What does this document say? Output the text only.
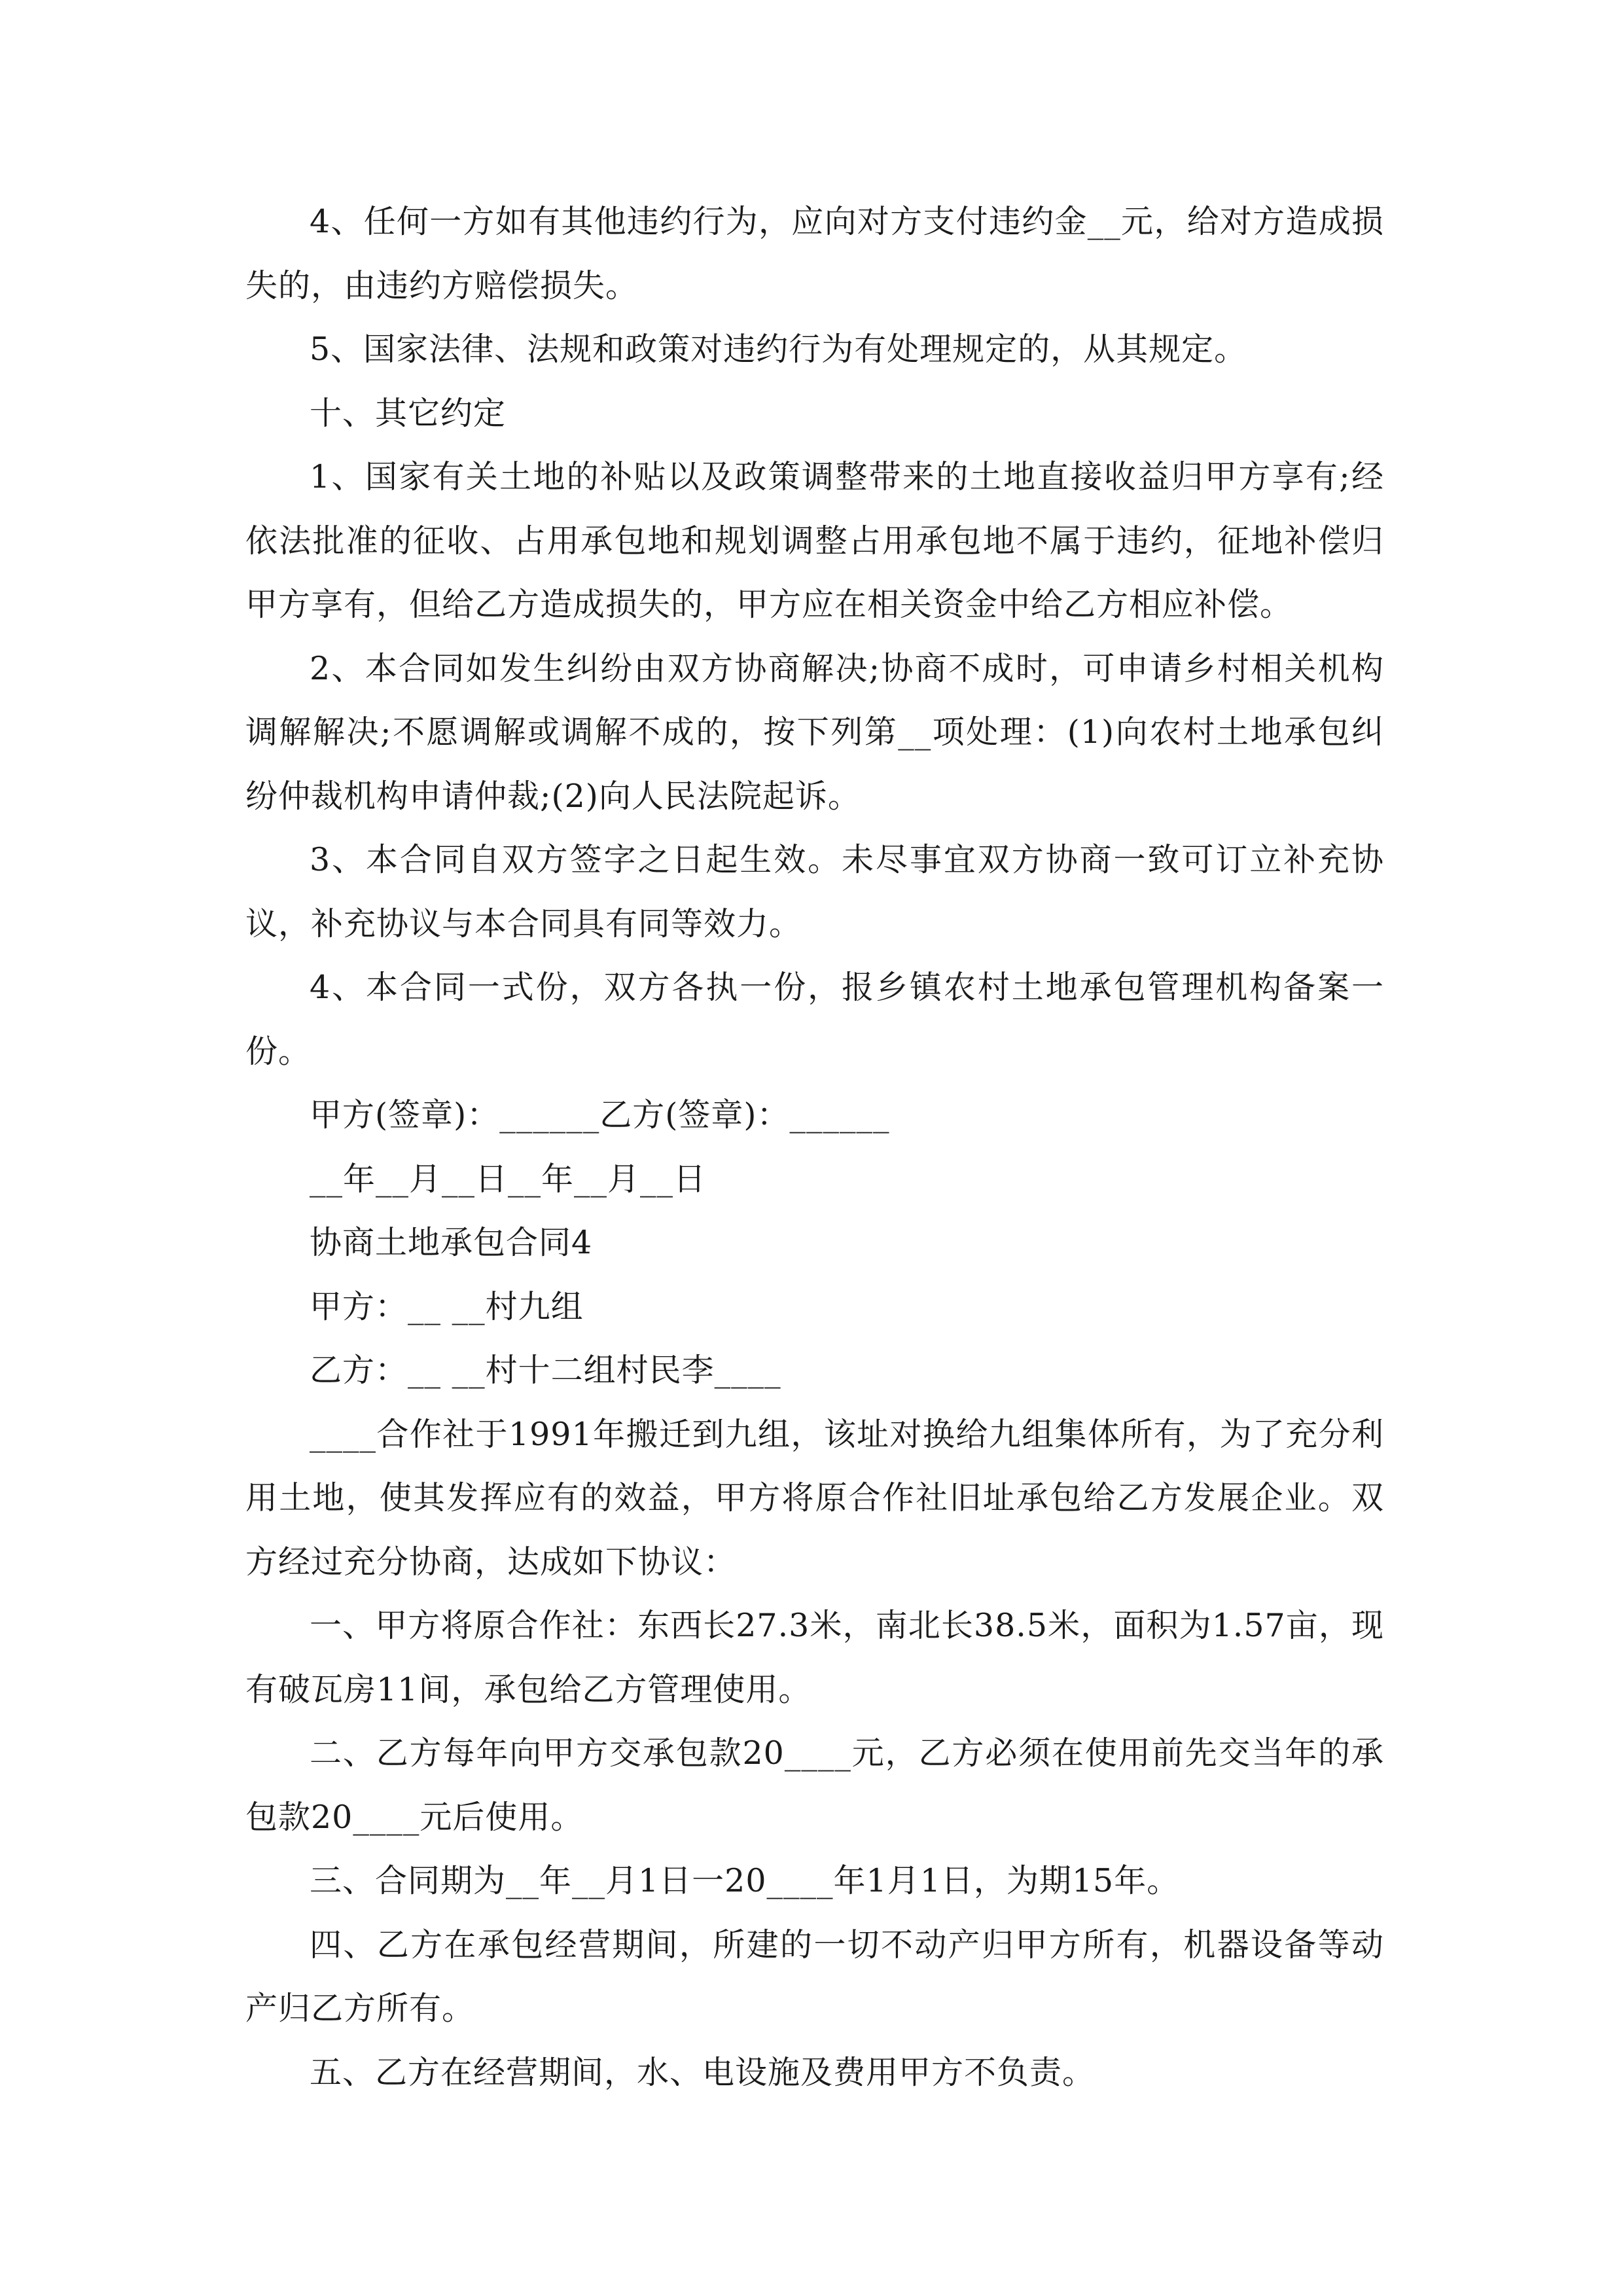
4、任何一方如有其他违约行为，应向对方支付违约金__元，给对方造成损失的，由违约方赔偿损失。

5、国家法律、法规和政策对违约行为有处理规定的，从其规定。

十、其它约定

1、国家有关土地的补贴以及政策调整带来的土地直接收益归甲方享有;经依法批准的征收、占用承包地和规划调整占用承包地不属于违约，征地补偿归甲方享有，但给乙方造成损失的，甲方应在相关资金中给乙方相应补偿。

2、本合同如发生纠纷由双方协商解决;协商不成时，可申请乡村相关机构调解解决;不愿调解或调解不成的，按下列第__项处理：(1)向农村土地承包纠纷仲裁机构申请仲裁;(2)向人民法院起诉。

3、本合同自双方签字之日起生效。未尽事宜双方协商一致可订立补充协议，补充协议与本合同具有同等效力。

4、本合同一式份，双方各执一份，报乡镇农村土地承包管理机构备案一份。

甲方(签章)：______乙方(签章)：______

__年__月__日__年__月__日

协商土地承包合同4

甲方：__ __村九组

乙方：__ __村十二组村民李____

____合作社于1991年搬迁到九组，该址对换给九组集体所有，为了充分利用土地，使其发挥应有的效益，甲方将原合作社旧址承包给乙方发展企业。双方经过充分协商，达成如下协议：

一、甲方将原合作社：东西长27.3米，南北长38.5米，面积为1.57亩，现有破瓦房11间，承包给乙方管理使用。

二、乙方每年向甲方交承包款20____元，乙方必须在使用前先交当年的承包款20____元后使用。

三、合同期为__年__月1日一20____年1月1日，为期15年。

四、乙方在承包经营期间，所建的一切不动产归甲方所有，机器设备等动产归乙方所有。

五、乙方在经营期间，水、电设施及费用甲方不负责。
